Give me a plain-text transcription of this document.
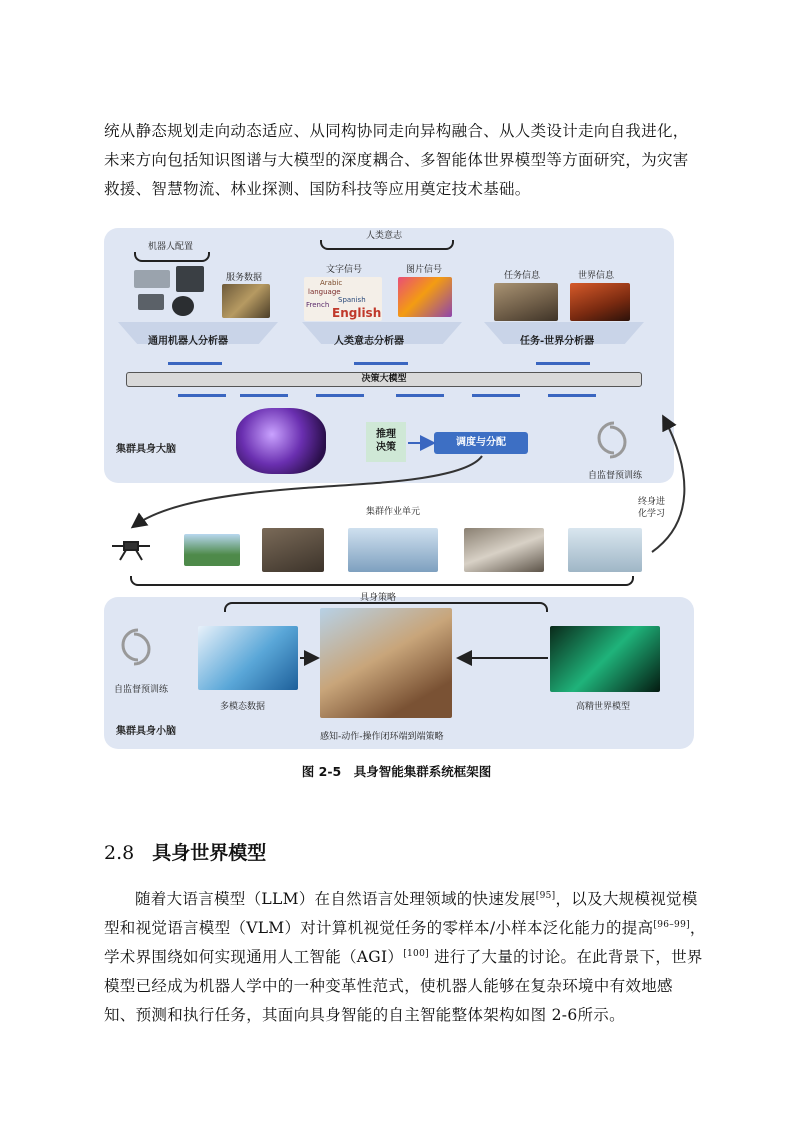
统从静态规划走向动态适应、从同构协同走向异构融合、从人类设计走向自我进化，
未来方向包括知识图谱与大模型的深度耦合、多智能体世界模型等方面研究，为灾害
救援、智慧物流、林业探测、国防科技等应用奠定技术基础。
机器人配置
服务数据
人类意志
文字信号	图片信号
Arabic
language
Spanish
French
English
任务信息	世界信息
通用机器人分析器	人类意志分析器	任务-世界分析器
决策大模型
集群具身大脑
推理
决策	调度与分配
自监督预训练
终身进
化学习
集群作业单元
具身策略
自监督预训练
多模态数据
集群具身小脑	感知-动作-操作闭环端到端策略
高精世界模型
图 2-5　具身智能集群系统框架图
2.8 具身世界模型
随着大语言模型（LLM）在自然语言处理领域的快速发展[95]，以及大规模视觉模
型和视觉语言模型（VLM）对计算机视觉任务的零样本/小样本泛化能力的提高[96–99]，
学术界围绕如何实现通用人工智能（AGI）[100] 进行了大量的讨论。在此背景下，世界
模型已经成为机器人学中的一种变革性范式，使机器人能够在复杂环境中有效地感
知、预测和执行任务，其面向具身智能的自主智能整体架构如图 2-6所示。
